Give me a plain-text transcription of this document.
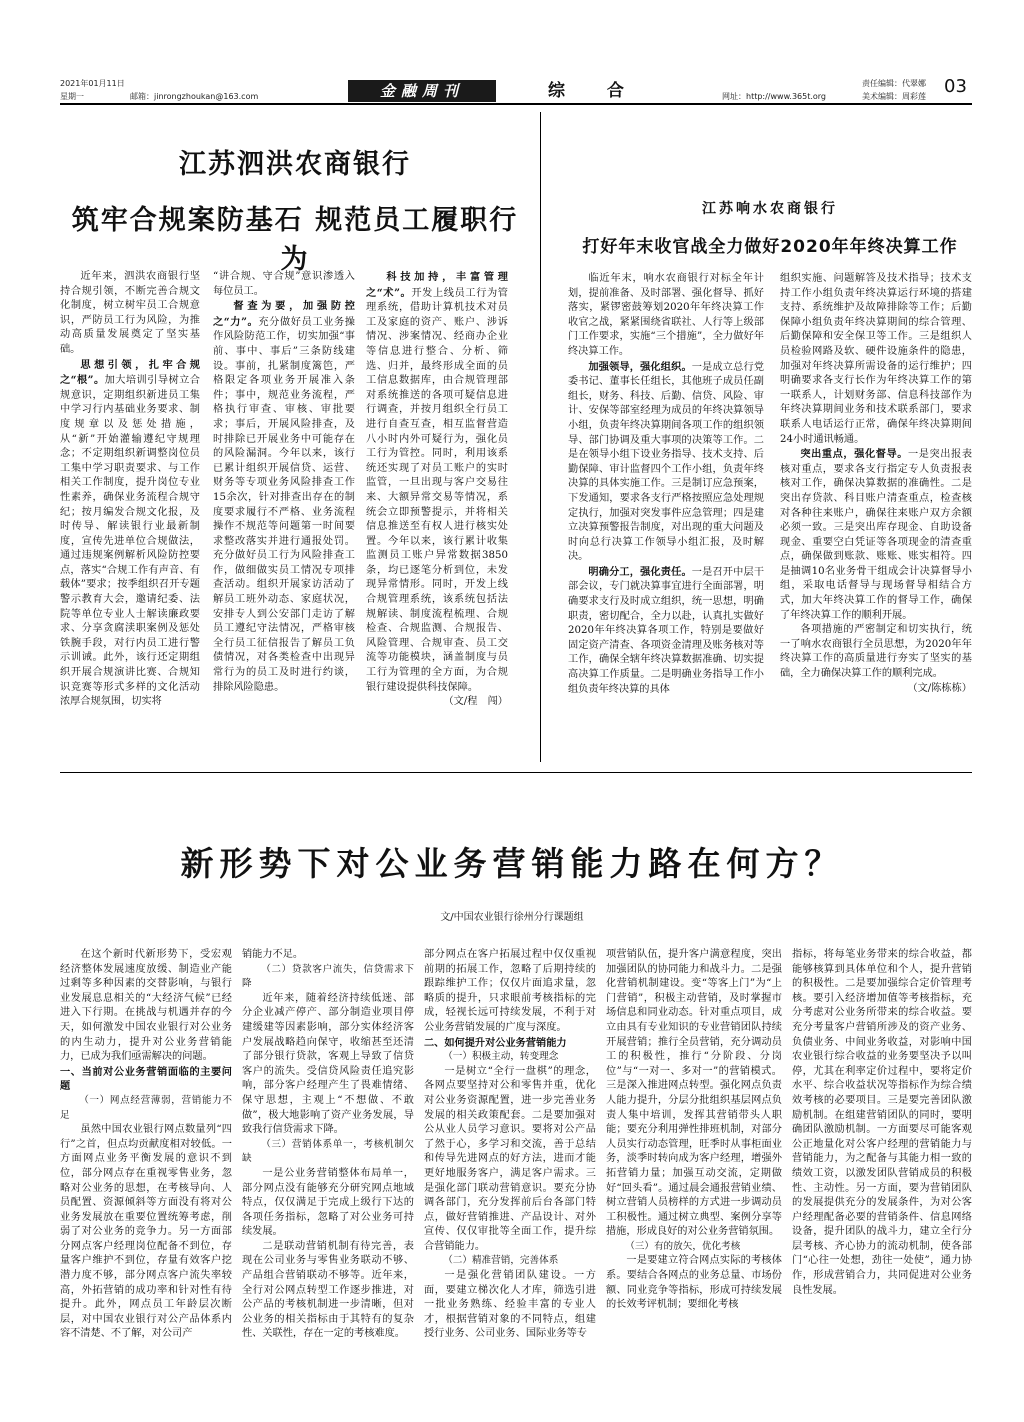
2021年01月11日
星期一	邮箱：jinrongzhoukan@163.com	金融周刊	综 合	网址：http://www.365t.org
责任编辑：代翠娜
美术编辑：周彩莲 03
江苏泗洪农商银行
筑牢合规案防基石 规范员工履职行为

近年来，泗洪农商银行坚持合规引领，不断完善合规文化制度，树立树牢员工合规意识，严防员工行为风险，为推动高质量发展奠定了坚实基础。

思想引领，扎牢合规之“根”。加大培训引导树立合规意识，定期组织新进员工集中学习行内基础业务要求、制度规章以及惩处措施，从“新”开始灌输遵纪守规理念；不定期组织新调整岗位员工集中学习职责要求、与工作相关工作制度，提升岗位专业性素养，确保业务流程合规守纪；按月编发合规文化报，及时传导、解读银行业最新制度，宣传先进单位合规做法，通过违规案例解析风险防控要点，落实“合规工作有声音、有载体”要求；按季组织召开专题警示教育大会，邀请纪委、法院等单位专业人士解读廉政要求、分享贪腐渎职案例及惩处铁腕手段，对行内员工进行警示训诫。此外，该行还定期组织开展合规演讲比赛、合规知识竞赛等形式多样的文化活动浓厚合规氛围，切实将

“讲合规、守合规”意识渗透入每位员工。

督查为要，加强防控之“力”。充分做好员工业务操作风险防范工作，切实加强“事前、事中、事后”三条防线建设。事前，扎紧制度篱笆，严格限定各项业务开展准入条件；事中，规范业务流程，严格执行审查、审核、审批要求；事后，开展风险排查，及时排除已开展业务中可能存在的风险漏洞。今年以来，该行已累计组织开展信贷、运营、财务等专项业务风险排查工作15余次，针对排查出存在的制度要求履行不严格、业务流程操作不规范等问题第一时间要求整改落实并进行通报处罚。充分做好员工行为风险排查工作，做细做实员工情况专项排查活动。组织开展家访活动了解员工班外动态、家庭状况，安排专人到公安部门走访了解员工遵纪守法情况，严格审核全行员工征信报告了解员工负债情况，对各类检查中出现异常行为的员工及时进行约谈，排除风险隐患。

科技加持，丰富管理之“术”。开发上线员工行为管理系统，借助计算机技术对员工及家庭的资产、账户、涉诉情况、涉案情况、经商办企业等信息进行整合、分析、筛选、归并，最终形成全面的员工信息数据库，由合规管理部对系统推送的各项可疑信息进行调查，并按月组织全行员工进行自查互查，相互监督营造八小时内外可疑行为，强化员工行为管控。同时，利用该系统还实现了对员工账户的实时监管，一旦出现与客户交易往来、大额异常交易等情况，系统会立即预警提示，并将相关信息推送至有权人进行核实处置。今年以来，该行累计收集监测员工账户异常数据3850条，均已逐笔分析到位，未发现异常情形。同时，开发上线合规管理系统，该系统包括法规解读、制度流程梳理、合规检查、合规监测、合规报告、风险管理、合规审查、员工交流等功能模块，涵盖制度与员工行为管理的全方面，为合规银行建设提供科技保障。

（文/程　闯）

江苏响水农商银行
打好年末收官战全力做好2020年年终决算工作

临近年末，响水农商银行对标全年计划，提前准备、及时部署、强化督导、抓好落实，紧锣密鼓筹划2020年年终决算工作收官之战，紧紧围绕省联社、人行等上级部门工作要求，实施“三个措施”，全力做好年终决算工作。

加强领导，强化组织。一是成立总行党委书记、董事长任组长，其他班子成员任副组长，财务、科技、后勤、信贷、风险、审计、安保等部室经理为成员的年终决算领导小组，负责年终决算期间各项工作的组织领导、部门协调及重大事项的决策等工作。二是在领导小组下设业务指导、技术支持、后勤保障、审计监督四个工作小组，负责年终决算的具体实施工作。三是制订应急预案，下发通知，要求各支行严格按照应急处理规定执行，加强对突发事件应急管理；四是建立决算预警报告制度，对出现的重大问题及时向总行决算工作领导小组汇报，及时解决。

明确分工，强化责任。一是召开中层干部会议，专门就决算事宜进行全面部署，明确要求支行及时成立组织，统一思想，明确职责，密切配合，全力以赴，认真扎实做好2020年年终决算各项工作，特别是要做好固定资产清查、各项资金清理及账务核对等工作，确保全辖年终决算数据准确、切实提高决算工作质量。二是明确业务指导工作小组负责年终决算的具体

组织实施、问题解答及技术指导；技术支持工作小组负责年终决算运行环境的搭建支持、系统维护及故障排除等工作；后勤保障小组负责年终决算期间的综合管理、后勤保障和安全保卫等工作。三是组织人员检验网路及软、硬件设施条件的隐患，加强对年终决算所需设备的运行维护；四明确要求各支行长作为年终决算工作的第一联系人，计划财务部、信息科技部作为年终决算期间业务和技术联系部门，要求联系人电话运行正常，确保年终决算期间24小时通讯畅通。

突出重点，强化督导。一是突出报表核对重点，要求各支行指定专人负责报表核对工作，确保决算数据的准确性。二是突出存贷款、科目账户清查重点，检查核对各种往来账户，确保往来账户双方余额必须一致。三是突出库存现金、自助设备现金、重要空白凭证等各项现金的清查重点，确保做到账款、账账、账实相符。四是抽调10名业务骨干组成会计决算督导小组，采取电话督导与现场督导相结合方式，加大年终决算工作的督导工作，确保了年终决算工作的顺利开展。

各项措施的严密制定和切实执行，统一了响水农商银行全员思想，为2020年年终决算工作的高质量进行夯实了坚实的基础，全力确保决算工作的顺利完成。

（文/陈栋栋）

新形势下对公业务营销能力路在何方？
文/中国农业银行徐州分行课题组

在这个新时代新形势下，受宏观经济整体发展速度放缓、制造业产能过剩等多种因素的交替影响，与银行业发展息息相关的“大经济气候”已经进入下行期。在挑战与机遇并存的今天，如何激发中国农业银行对公业务的内生动力，提升对公业务营销能力，已成为我们亟需解决的问题。

一、当前对公业务营销面临的主要问题

（一）网点经营薄弱，营销能力不足

虽然中国农业银行网点数量列“四行”之首，但点均贡献度相对较低。一方面网点业务平衡发展的意识不到位，部分网点存在重视零售业务，忽略对公业务的思想，在考核导向、人员配置、资源倾斜等方面没有将对公业务发展放在重要位置统筹考虑，削弱了对公业务的竞争力。另一方面部分网点客户经理岗位配备不到位，存量客户维护不到位，存量有效客户挖潜力度不够，部分网点客户流失率较高，外拓营销的成功率和针对性有待提升。此外，网点员工年龄层次断层，对中国农业银行对公产品体系内容不清楚、不了解，对公司产

销能力不足。

（二）贷款客户流失，信贷需求下降

近年来，随着经济持续低迷、部分企业减产停产、部分制造业项目停建缓建等因素影响，部分实体经济客户发展战略趋向保守，收缩甚至还清了部分银行贷款，客观上导致了信贷客户的流失。受信贷风险责任追究影响，部分客户经理产生了畏难情绪、保守思想，主观上“不想做、不敢做”，极大地影响了资产业务发展，导致我行信贷需求下降。

（三）营销体系单一，考核机制欠缺

一是公业务营销整体布局单一，部分网点没有能够充分研究网点地域特点，仅仅满足于完成上级行下达的各项任务指标，忽略了对公业务可持续发展。

二是联动营销机制有待完善，表现在公司业务与零售业务联动不够、产品组合营销联动不够等。近年来，全行对公网点转型工作逐步推进，对公产品的考核机制进一步清晰，但对公业务的相关指标由于其特有的复杂性、关联性，存在一定的考核难度。

部分网点在客户拓展过程中仅仅重视前期的拓展工作，忽略了后期持续的跟踪维护工作；仅仅片面追求量，忽略质的提升，只求眼前考核指标的完成，轻视长远可持续发展，不利于对公业务营销发展的广度与深度。

二、如何提升对公业务营销能力

（一）积极主动，转变理念

一是树立“全行一盘棋”的理念，各网点要坚持对公和零售并重，优化对公业务资源配置，进一步完善业务发展的相关政策配套。二是要加强对公从业人员学习意识。要将对公产品了然于心，多学习和交流，善于总结和传导先进网点的好方法，进而才能更好地服务客户，满足客户需求。三是强化部门联动营销意识。要充分协调各部门，充分发挥前后台各部门特点，做好营销推进、产品设计、对外宣传、仅仅审批等全面工作，提升综合营销能力。

（二）精准营销，完善体系

一是强化营销团队建设。一方面，要建立梯次化人才库，筛选引进一批业务熟练、经验丰富的专业人才，根据营销对象的不同特点，组建授行业务、公司业务、国际业务等专

项营销队伍，提升客户满意程度，突出加强团队的协同能力和战斗力。二是强化营销机制建设。变“等客上门”为“上门营销”，积极主动营销，及时掌握市场信息和同业动态。针对重点项目，成立由具有专业知识的专业营销团队持续开展营销；推行全员营销，充分调动员工的积极性，推行“分阶段、分岗位”与“一对一、多对一”的营销模式。三是深入推进网点转型。强化网点负责人能力提升，分层分批组织基层网点负责人集中培训，发挥其营销带头人职能；要充分利用弹性排班机制，对部分人员实行动态管理，旺季时从事柜面业务，淡季时转向成为客户经理，增强外拓营销力量；加强互动交流，定期做好“回头看”。通过晨会通报营销业绩、树立营销人员榜样的方式进一步调动员工积极性。通过树立典型、案例分享等措施，形成良好的对公业务营销氛围。

（三）有的放矢，优化考核

一是要建立符合网点实际的考核体系。要结合各网点的业务总量、市场份额、同业竞争等指标，形成可持续发展的长效考评机制；要细化考核

指标，将每笔业务带来的综合收益，都能够核算到具体单位和个人，提升营销的积极性。二是要加强综合定价管理考核。要引入经济增加值等考核指标，充分考虑对公业务所带来的综合收益。要充分考量客户营销所涉及的资产业务、负债业务、中间业务收益，对影响中国农业银行综合收益的业务要坚决予以叫停，尤其在利率定价过程中，要将定价水平、综合收益状况等指标作为综合绩效考核的必要项目。三是要完善团队激励机制。在组建营销团队的同时，要明确团队激励机制。一方面要尽可能客观公正地量化对公客户经理的营销能力与营销能力，为之配备与其能力相一致的绩效工资，以激发团队营销成员的积极性、主动性。另一方面，要为营销团队的发展提供充分的发展条件，为对公客户经理配备必要的营销条件、信息网络设备，提升团队的战斗力，建立全行分层考核、齐心协力的流动机制，使各部门“心往一处想，劲往一处使”，通力协作，形成营销合力，共同促进对公业务良性发展。
